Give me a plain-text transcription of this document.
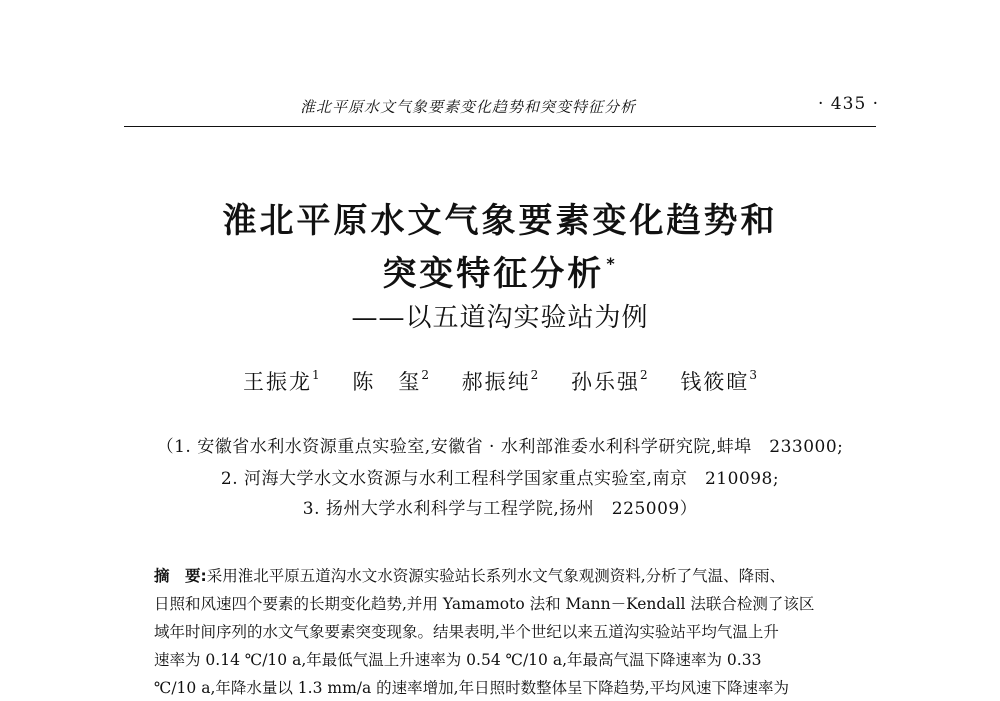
淮北平原水文气象要素变化趋势和突变特征分析	· 435 ·
淮北平原水文气象要素变化趋势和
突变特征分析 *
——以五道沟实验站为例
王振龙$^1$ 陈　玺$^2$ 郝振纯$^2$ 孙乐强$^2$ 钱筱暄$^3$
（1. 安徽省水利水资源重点实验室,安徽省 · 水利部淮委水利科学研究院,蚌埠　233000;
2. 河海大学水文水资源与水利工程科学国家重点实验室,南京　210098;
3. 扬州大学水利科学与工程学院,扬州　225009）
摘　要:采用淮北平原五道沟水文水资源实验站长系列水文气象观测资料,分析了气温、降雨、
日照和风速四个要素的长期变化趋势,并用 Yamamoto 法和 Mann－Kendall 法联合检测了该区
域年时间序列的水文气象要素突变现象。结果表明,半个世纪以来五道沟实验站平均气温上升
速率为 0.14 ℃/10 a,年最低气温上升速率为 0.54 ℃/10 a,年最高气温下降速率为 0.33
℃/10 a,年降水量以 1.3 mm/a 的速率增加,年日照时数整体呈下降趋势,平均风速下降速率为
